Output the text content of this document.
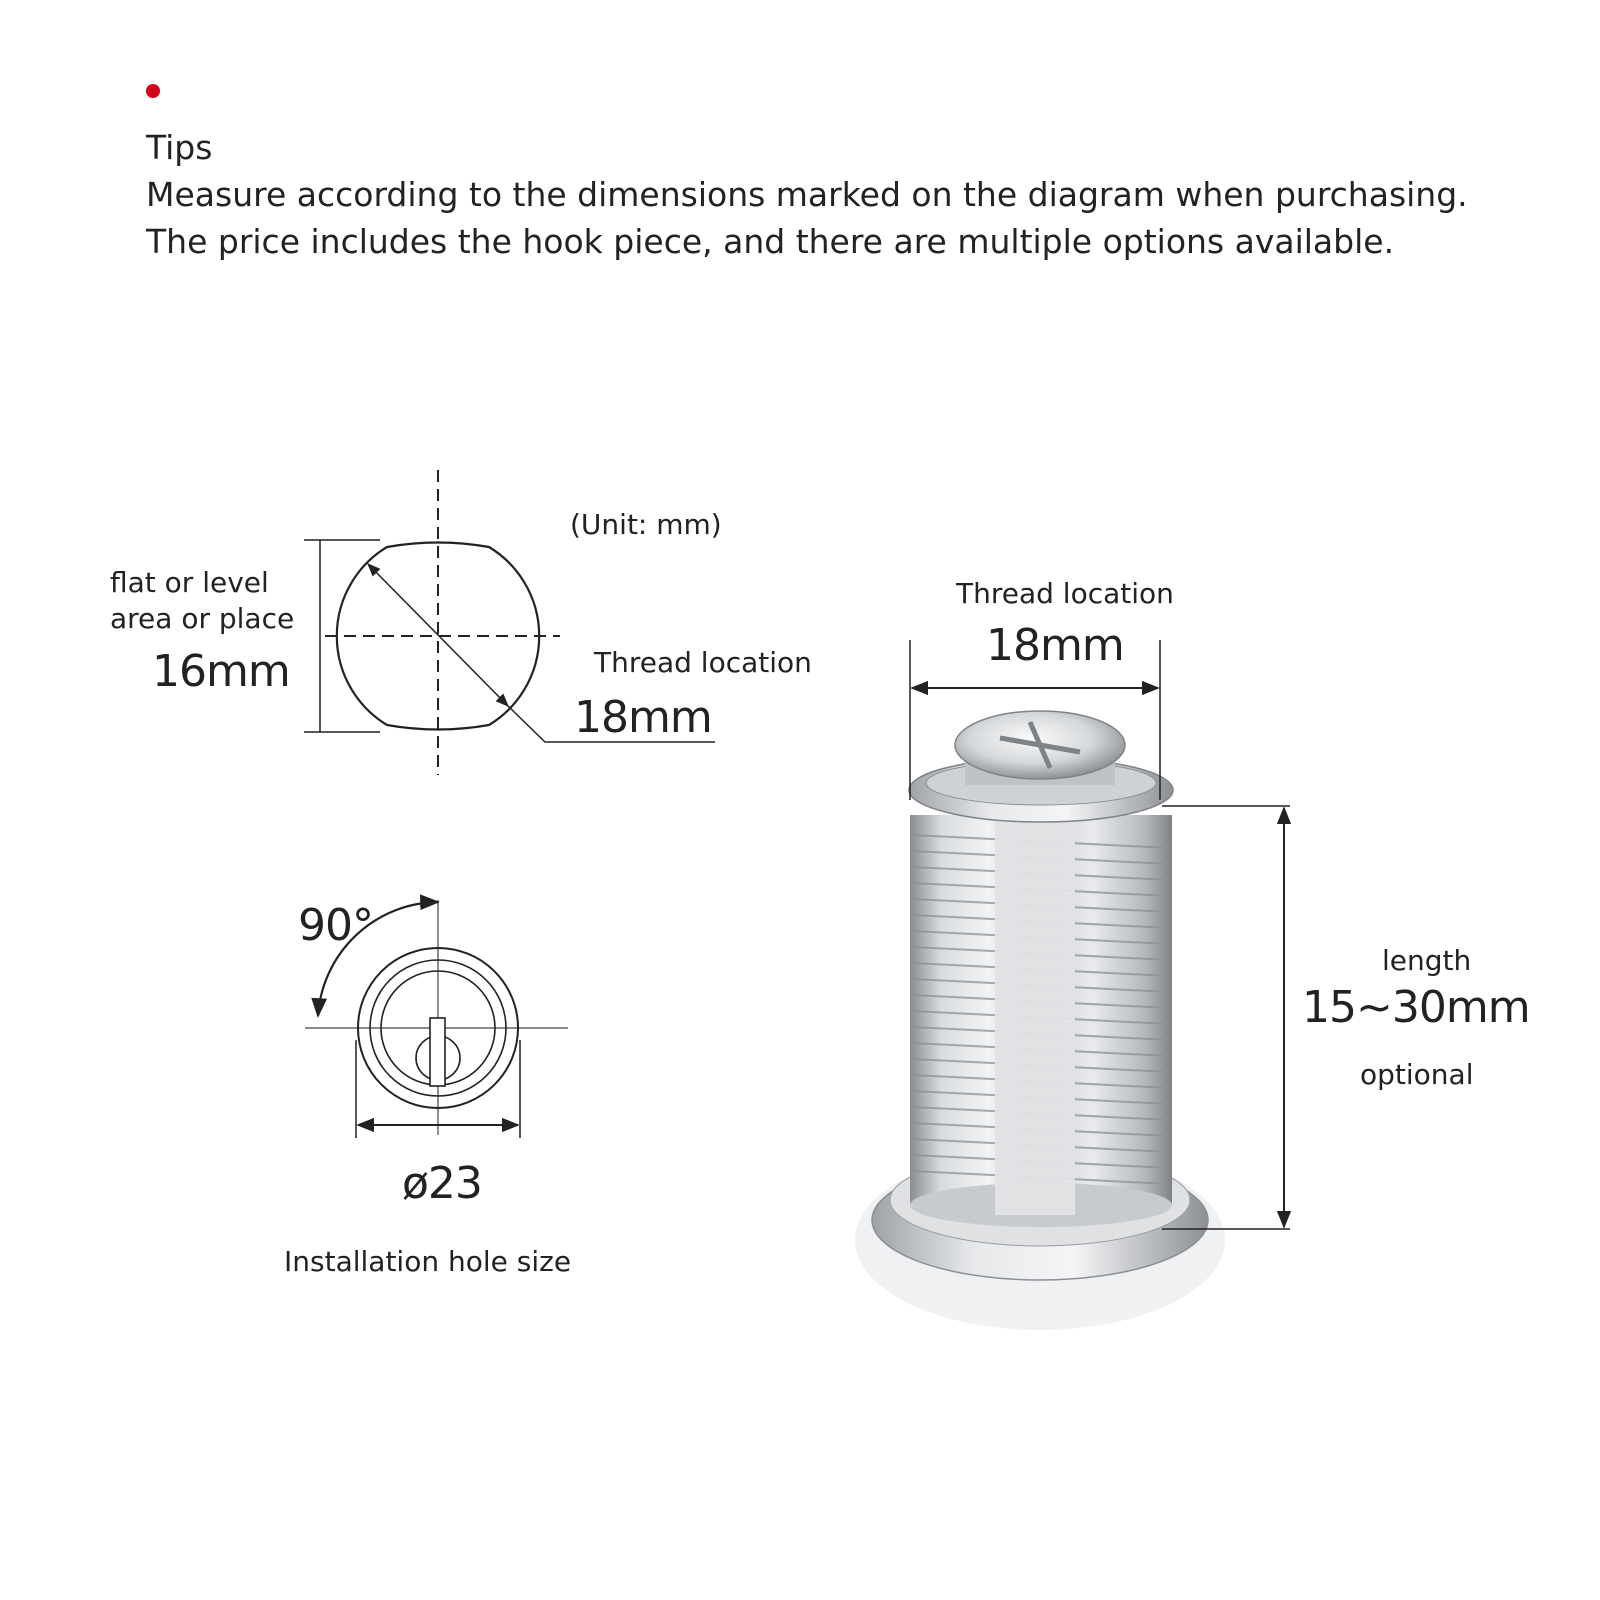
Tips
Measure according to the dimensions marked on the diagram when purchasing.
The price includes the hook piece, and there are multiple options available.
(Unit: mm)
flat or level
area or place
16mm	Thread location
18mm
90°
ø23
Installation hole size
Thread location
18mm
length
15~30mm
optional
